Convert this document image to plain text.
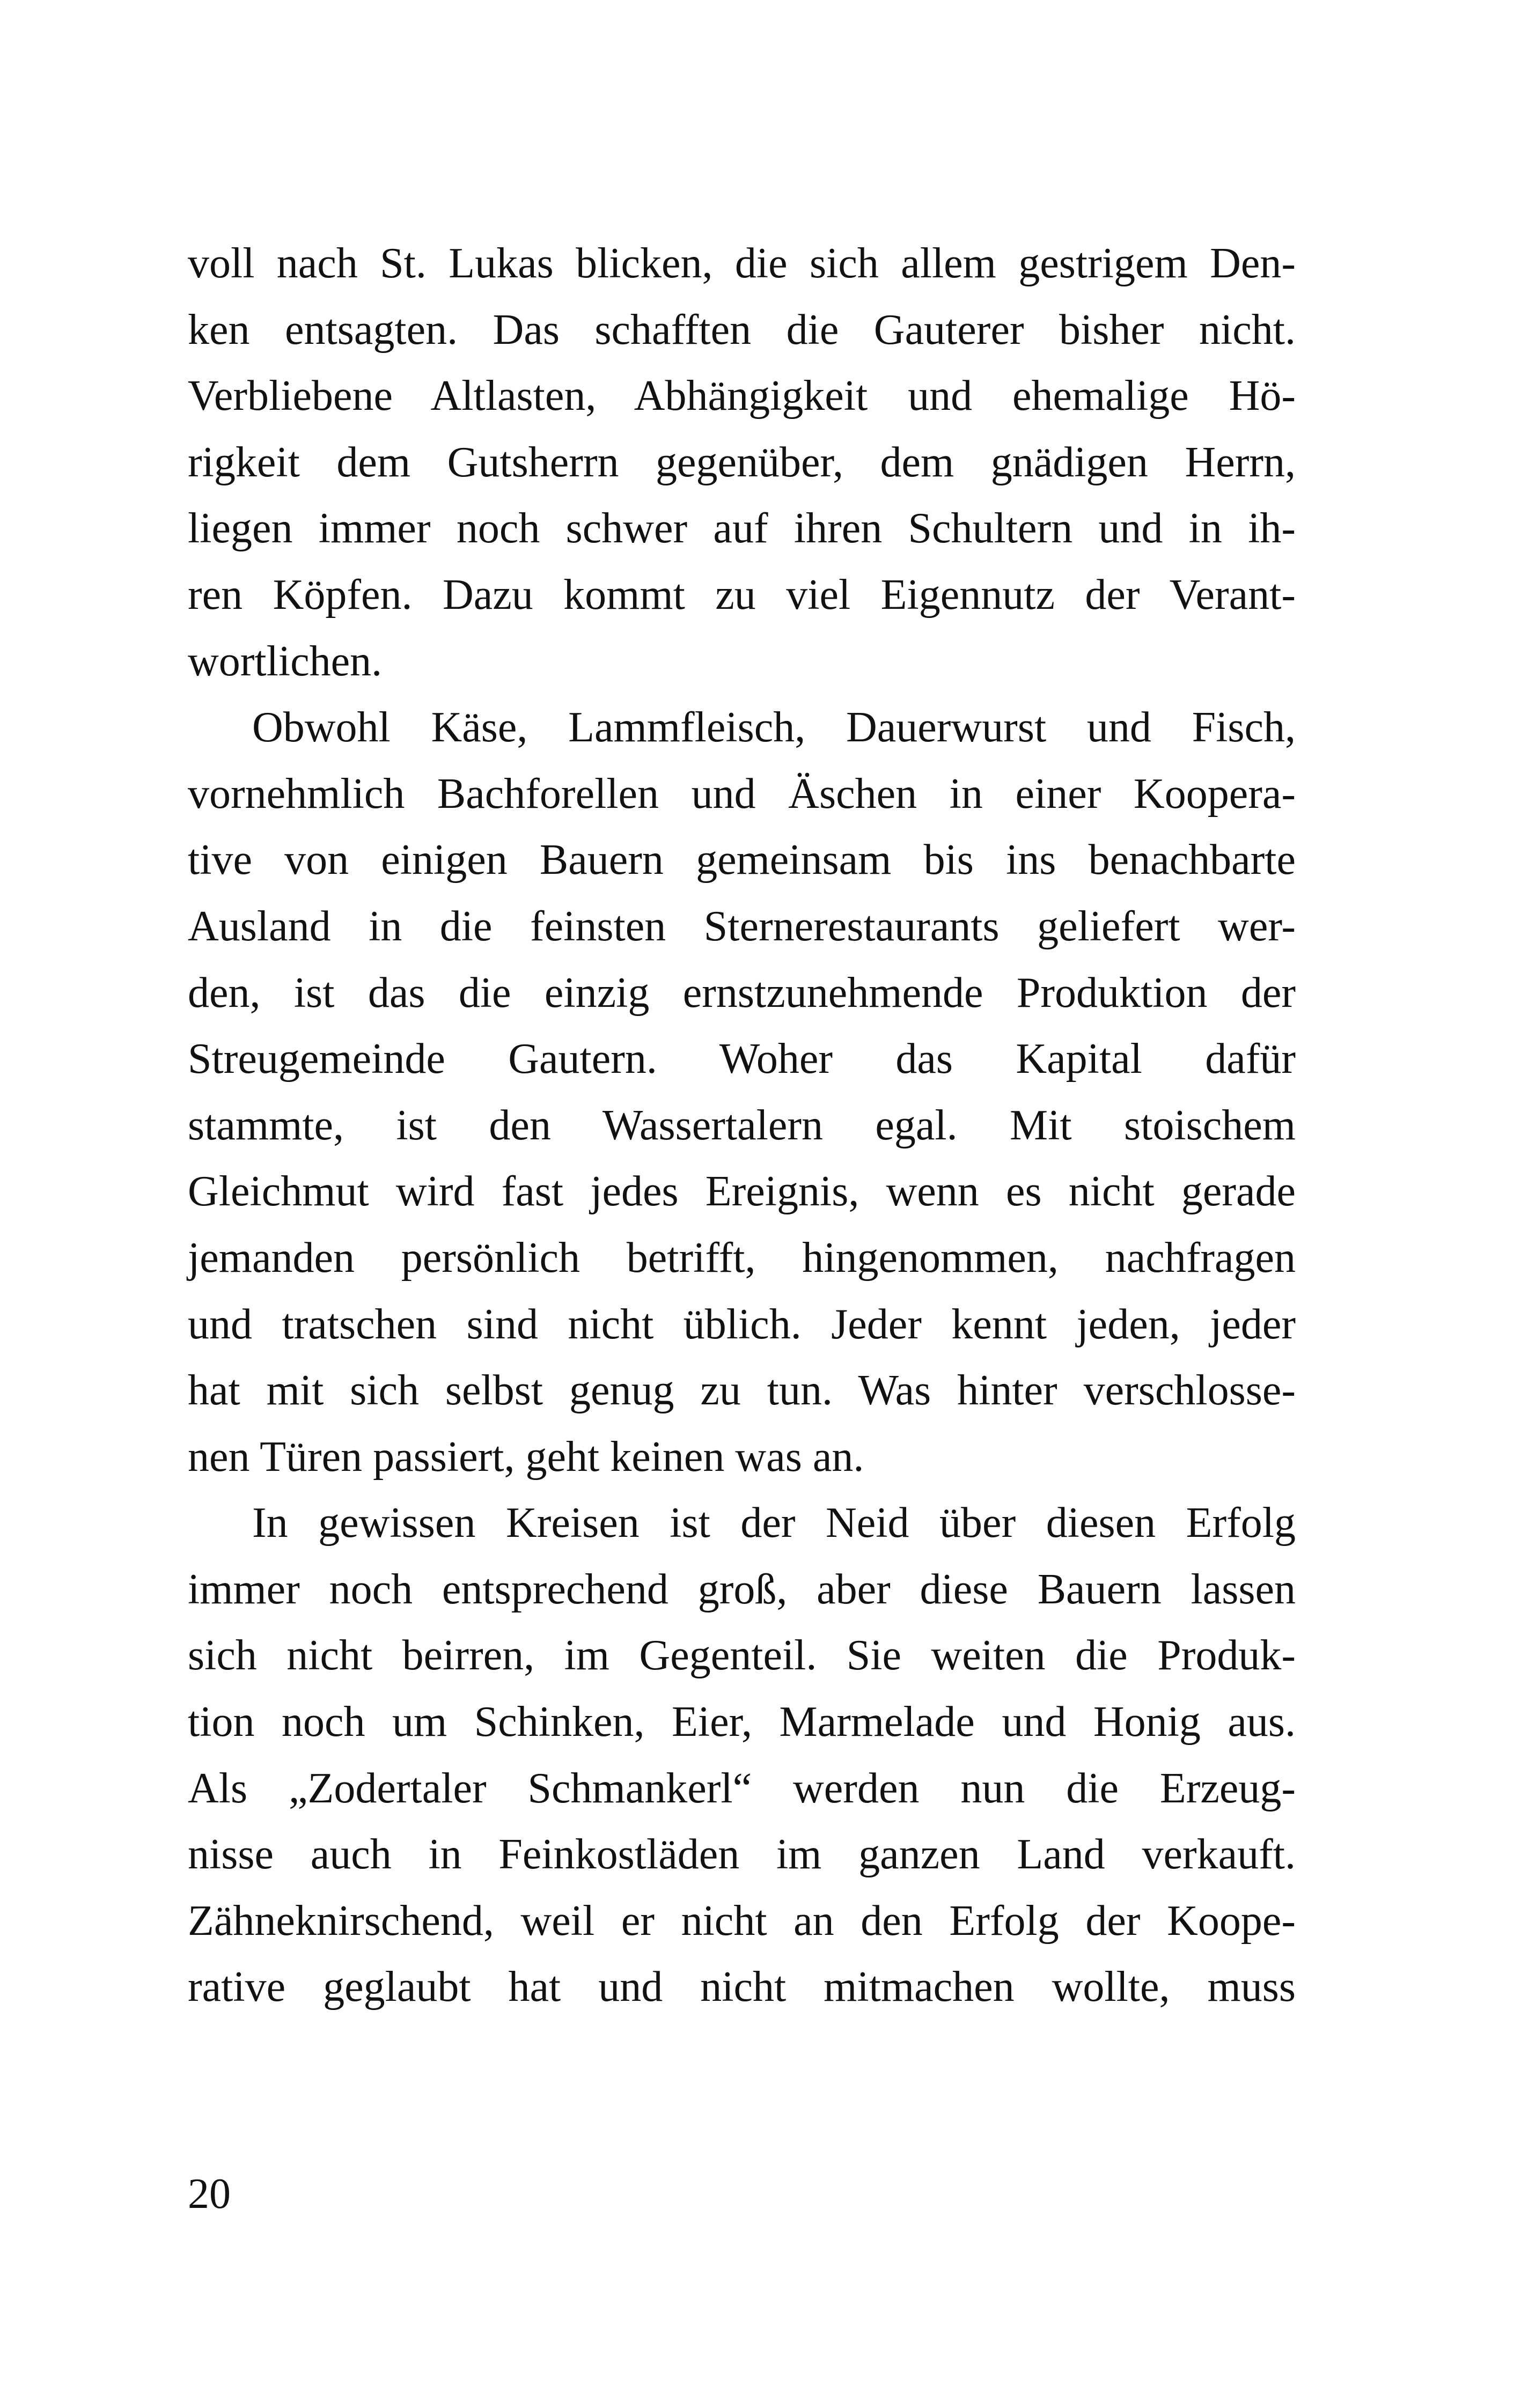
voll nach St. Lukas blicken, die sich allem gestrigem Den-
ken entsagten. Das schafften die Gauterer bisher nicht.
Verbliebene Altlasten, Abhängigkeit und ehemalige Hö-
rigkeit dem Gutsherrn gegenüber, dem gnädigen Herrn,
liegen immer noch schwer auf ihren Schultern und in ih-
ren Köpfen. Dazu kommt zu viel Eigennutz der Verant-
wortlichen.
Obwohl Käse, Lammfleisch, Dauerwurst und Fisch,
vornehmlich Bachforellen und Äschen in einer Koopera-
tive von einigen Bauern gemeinsam bis ins benachbarte
Ausland in die feinsten Sternerestaurants geliefert wer-
den, ist das die einzig ernstzunehmende Produktion der
Streugemeinde Gautern. Woher das Kapital dafür
stammte, ist den Wassertalern egal. Mit stoischem
Gleichmut wird fast jedes Ereignis, wenn es nicht gerade
jemanden persönlich betrifft, hingenommen, nachfragen
und tratschen sind nicht üblich. Jeder kennt jeden, jeder
hat mit sich selbst genug zu tun. Was hinter verschlosse-
nen Türen passiert, geht keinen was an.
In gewissen Kreisen ist der Neid über diesen Erfolg
immer noch entsprechend groß, aber diese Bauern lassen
sich nicht beirren, im Gegenteil. Sie weiten die Produk-
tion noch um Schinken, Eier, Marmelade und Honig aus.
Als „Zodertaler Schmankerl“ werden nun die Erzeug-
nisse auch in Feinkostläden im ganzen Land verkauft.
Zähneknirschend, weil er nicht an den Erfolg der Koope-
rative geglaubt hat und nicht mitmachen wollte, muss
20
